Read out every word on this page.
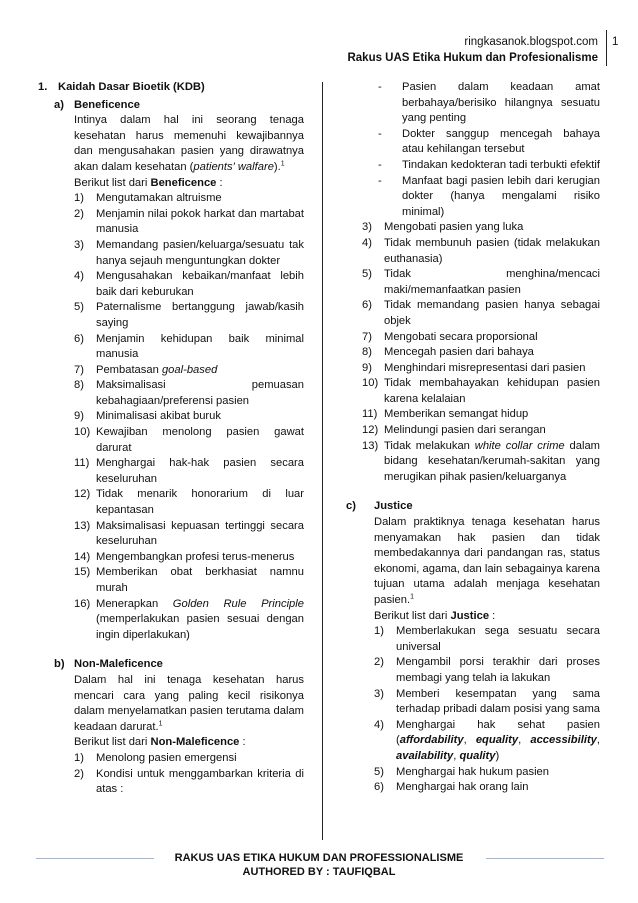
ringkasanok.blogspot.com
Rakus UAS Etika Hukum dan Profesionalisme
1
1. Kaidah Dasar Bioetik (KDB)
a) Beneficence
Intinya dalam hal ini seorang tenaga kesehatan harus memenuhi kewajibannya dan mengusahakan pasien yang dirawatnya akan dalam kesehatan (patients' walfare).$^1$
Berikut list dari Beneficence :
1)	Mengutamakan altruisme
2)	Menjamin nilai pokok harkat dan martabat manusia
3)	Memandang pasien/keluarga/sesuatu tak hanya sejauh menguntungkan dokter
4)	Mengusahakan kebaikan/manfaat lebih baik dari keburukan
5)	Paternalisme bertanggung jawab/kasih saying
6)	Menjamin kehidupan baik minimal manusia
7)	Pembatasan goal-based
8)	Maksimalisasi pemuasan kebahagiaan/preferensi pasien
9)	Minimalisasi akibat buruk
10) Kewajiban menolong pasien gawat darurat
11) Menghargai hak-hak pasien secara keseluruhan
12) Tidak menarik honorarium di luar kepantasan
13) Maksimalisasi kepuasan tertinggi secara keseluruhan
14) Mengembangkan profesi terus-menerus
15) Memberikan obat berkhasiat namnu murah
16) Menerapkan Golden Rule Principle (memperlakukan pasien sesuai dengan ingin diperlakukan)
b) Non-Maleficence
Dalam hal ini tenaga kesehatan harus mencari cara yang paling kecil risikonya dalam menyelamatkan pasien terutama dalam keadaan darurat.$^1$
Berikut list dari Non-Maleficence :
1)	Menolong pasien emergensi
2)	Kondisi untuk menggambarkan kriteria di atas :
-	Pasien dalam keadaan amat berbahaya/berisiko hilangnya sesuatu yang penting
-	Dokter sanggup mencegah bahaya atau kehilangan tersebut
-	Tindakan kedokteran tadi terbukti efektif
-	Manfaat bagi pasien lebih dari kerugian dokter (hanya mengalami risiko minimal)
3)	Mengobati pasien yang luka
4)	Tidak membunuh pasien (tidak melakukan euthanasia)
5)	Tidak menghina/mencaci maki/memanfaatkan pasien
6)	Tidak memandang pasien hanya sebagai objek
7)	Mengobati secara proporsional
8)	Mencegah pasien dari bahaya
9)	Menghindari misrepresentasi dari pasien
10) Tidak membahayakan kehidupan pasien karena kelalaian
11) Memberikan semangat hidup
12) Melindungi pasien dari serangan
13) Tidak melakukan white collar crime dalam bidang kesehatan/kerumah-sakitan yang merugikan pihak pasien/keluarganya
c)	Justice
Dalam praktiknya tenaga kesehatan harus menyamakan hak pasien dan tidak membedakannya dari pandangan ras, status ekonomi, agama, dan lain sebagainya karena tujuan utama adalah menjaga kesehatan pasien.$^1$
Berikut list dari Justice :
1)	Memberlakukan sega sesuatu secara universal
2)	Mengambil porsi terakhir dari proses membagi yang telah ia lakukan
3)	Memberi kesempatan yang sama terhadap pribadi dalam posisi yang sama
4)	Menghargai hak sehat pasien (affordability, equality, accessibility, availability, quality)
5)	Menghargai hak hukum pasien
6)	Menghargai hak orang lain
RAKUS UAS ETIKA HUKUM DAN PROFESSIONALISME
AUTHORED BY : TAUFIQBAL
